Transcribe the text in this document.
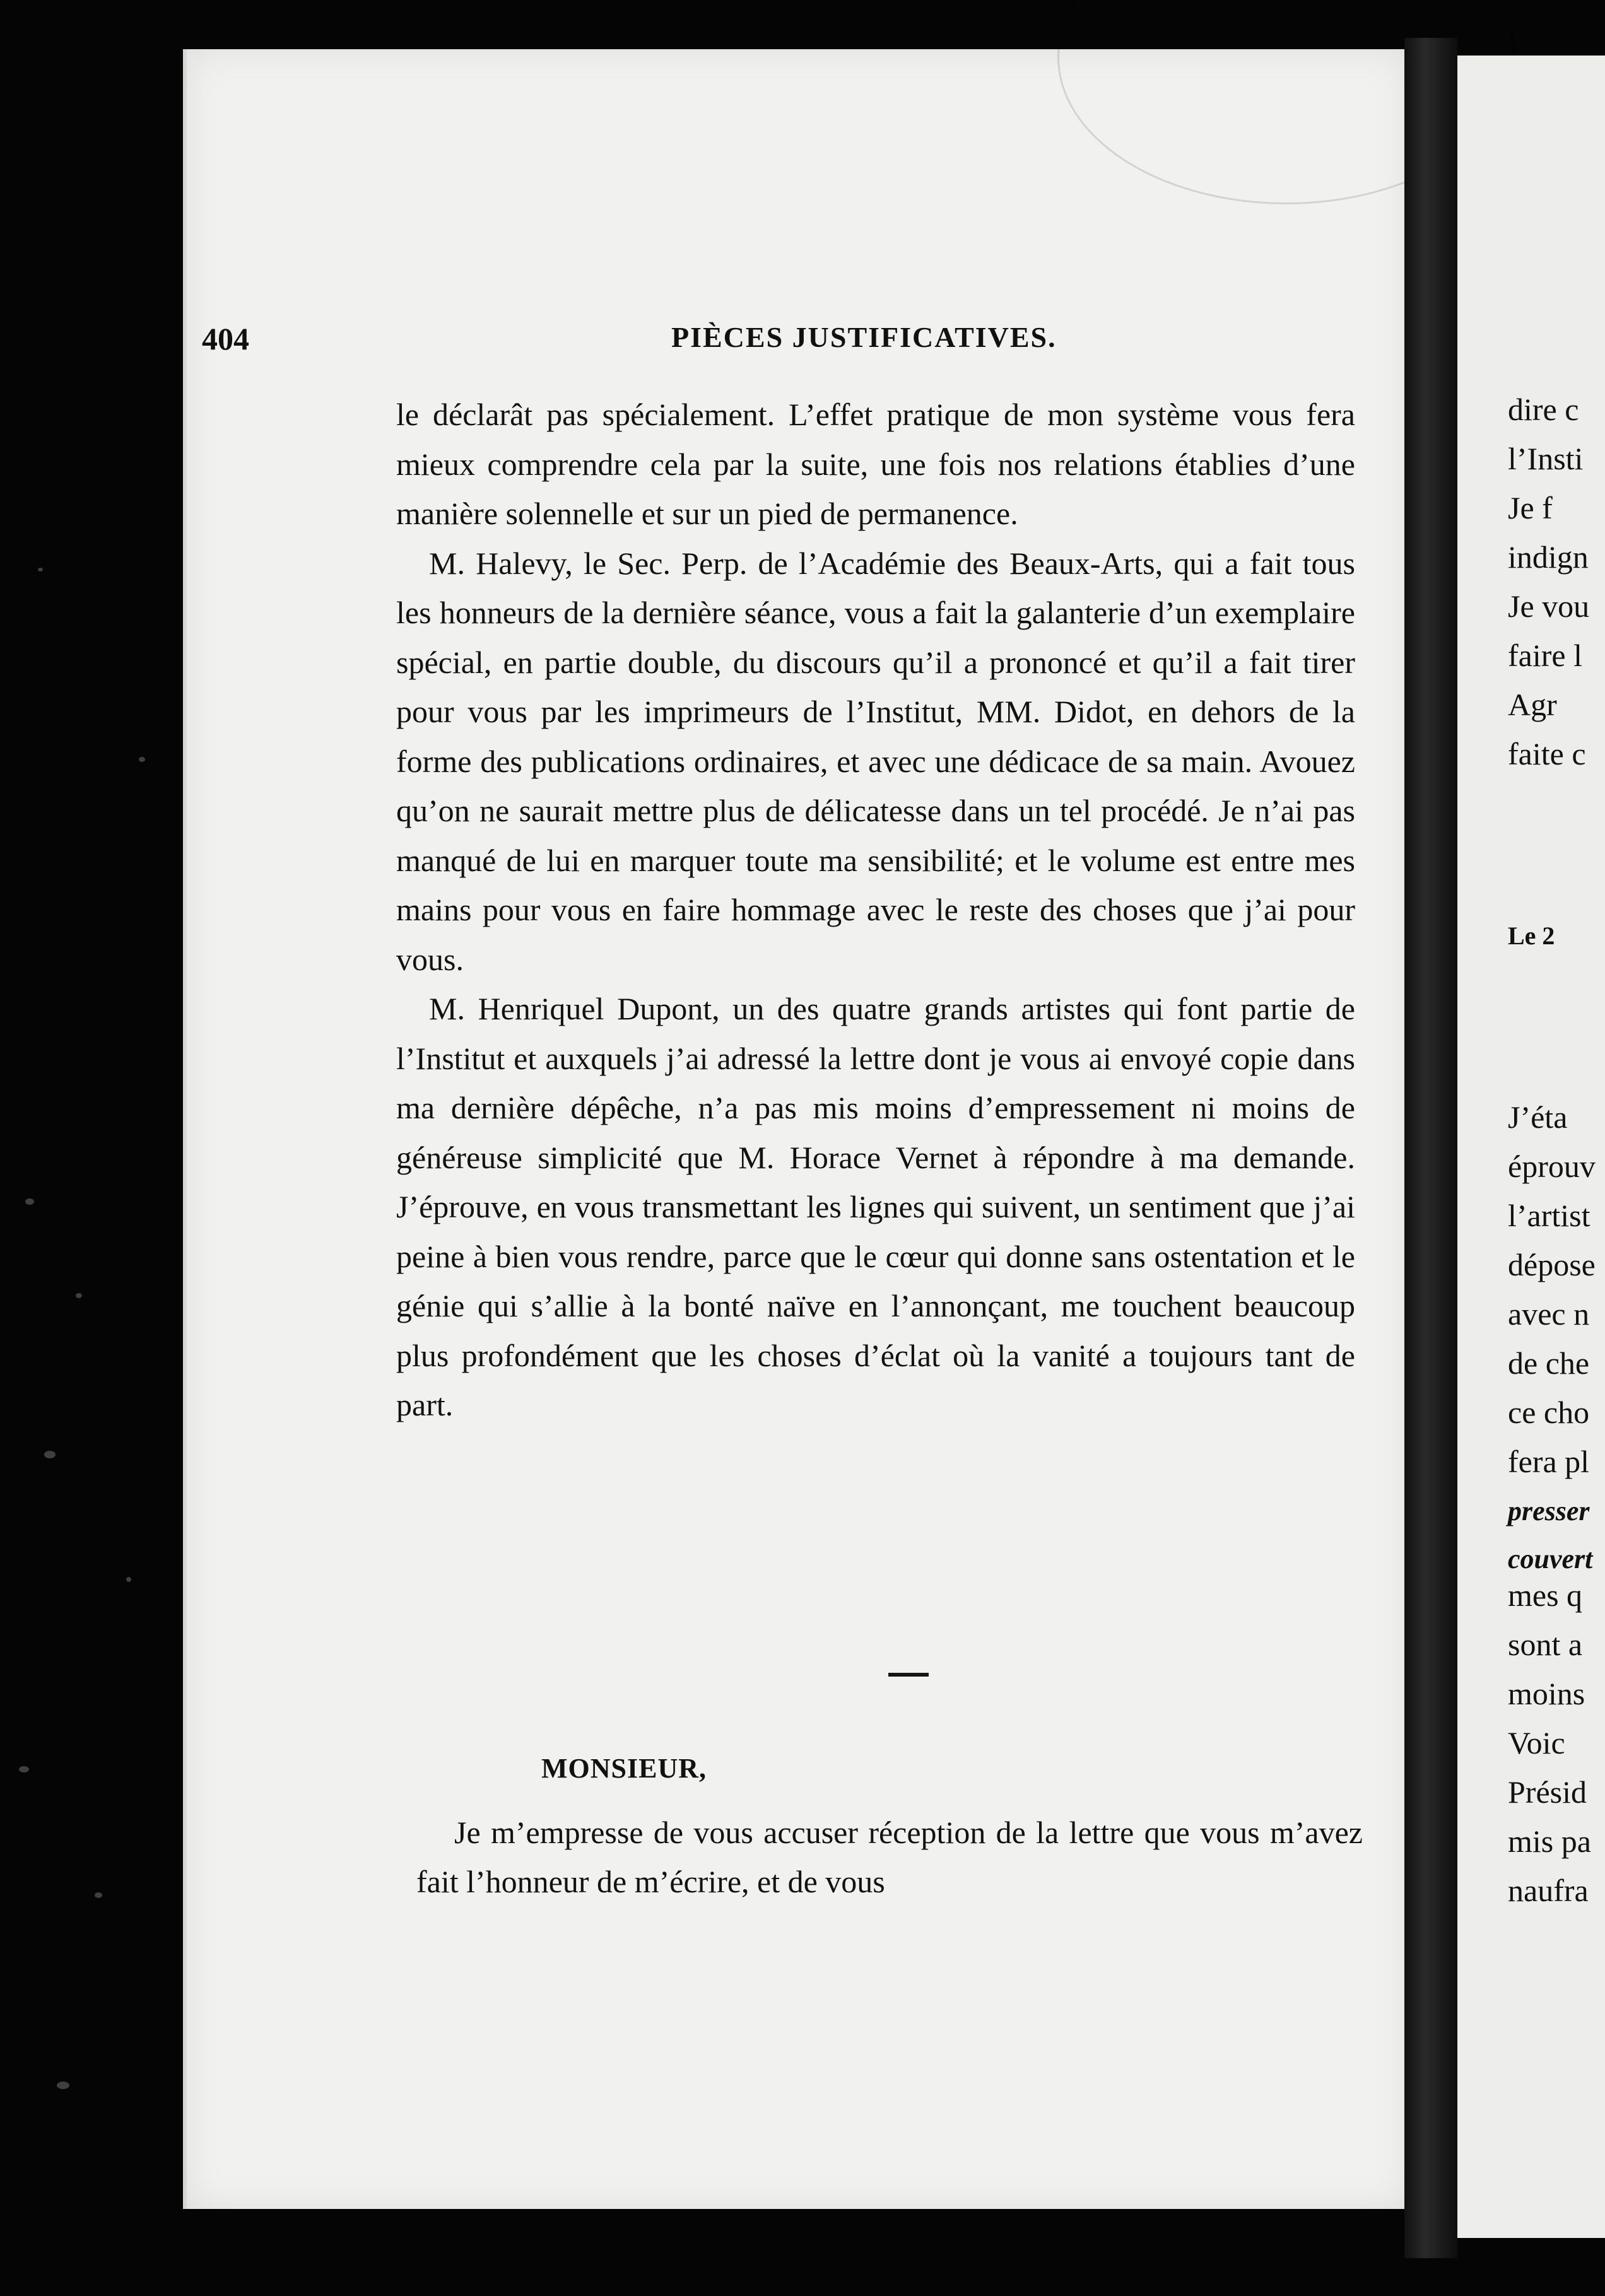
dire c
l’Insti
Je f
indign
Je vou
faire l
Agr
faite c
Le 2
J’éta
éprouv
l’artist
dépose
avec n
de che
ce cho
fera pl
presser
couvert
mes q
sont a
moins
Voic
Présid
mis pa
naufra
404	PIÈCES JUSTIFICATIVES.

le déclarât pas spécialement. L’effet pratique de mon système vous fera mieux comprendre cela par la suite, une fois nos relations établies d’une manière solennelle et sur un pied de permanence.

M. Halevy, le Sec. Perp. de l’Académie des Beaux-Arts, qui a fait tous les honneurs de la dernière séance, vous a fait la galanterie d’un exemplaire spécial, en partie double, du discours qu’il a prononcé et qu’il a fait tirer pour vous par les imprimeurs de l’Institut, MM. Didot, en dehors de la forme des publications ordinaires, et avec une dédicace de sa main. Avouez qu’on ne saurait mettre plus de délicatesse dans un tel procédé. Je n’ai pas manqué de lui en marquer toute ma sensibilité; et le volume est entre mes mains pour vous en faire hommage avec le reste des choses que j’ai pour vous.

M. Henriquel Dupont, un des quatre grands artistes qui font partie de l’Institut et auxquels j’ai adressé la lettre dont je vous ai envoyé copie dans ma dernière dépêche, n’a pas mis moins d’empressement ni moins de généreuse simplicité que M. Horace Vernet à répondre à ma demande. J’éprouve, en vous transmettant les lignes qui suivent, un sentiment que j’ai peine à bien vous rendre, parce que le cœur qui donne sans ostentation et le génie qui s’allie à la bonté naïve en l’annonçant, me touchent beaucoup plus profondément que les choses d’éclat où la vanité a toujours tant de part.

MONSIEUR,

Je m’empresse de vous accuser réception de la lettre que vous m’avez fait l’honneur de m’écrire, et de vous
